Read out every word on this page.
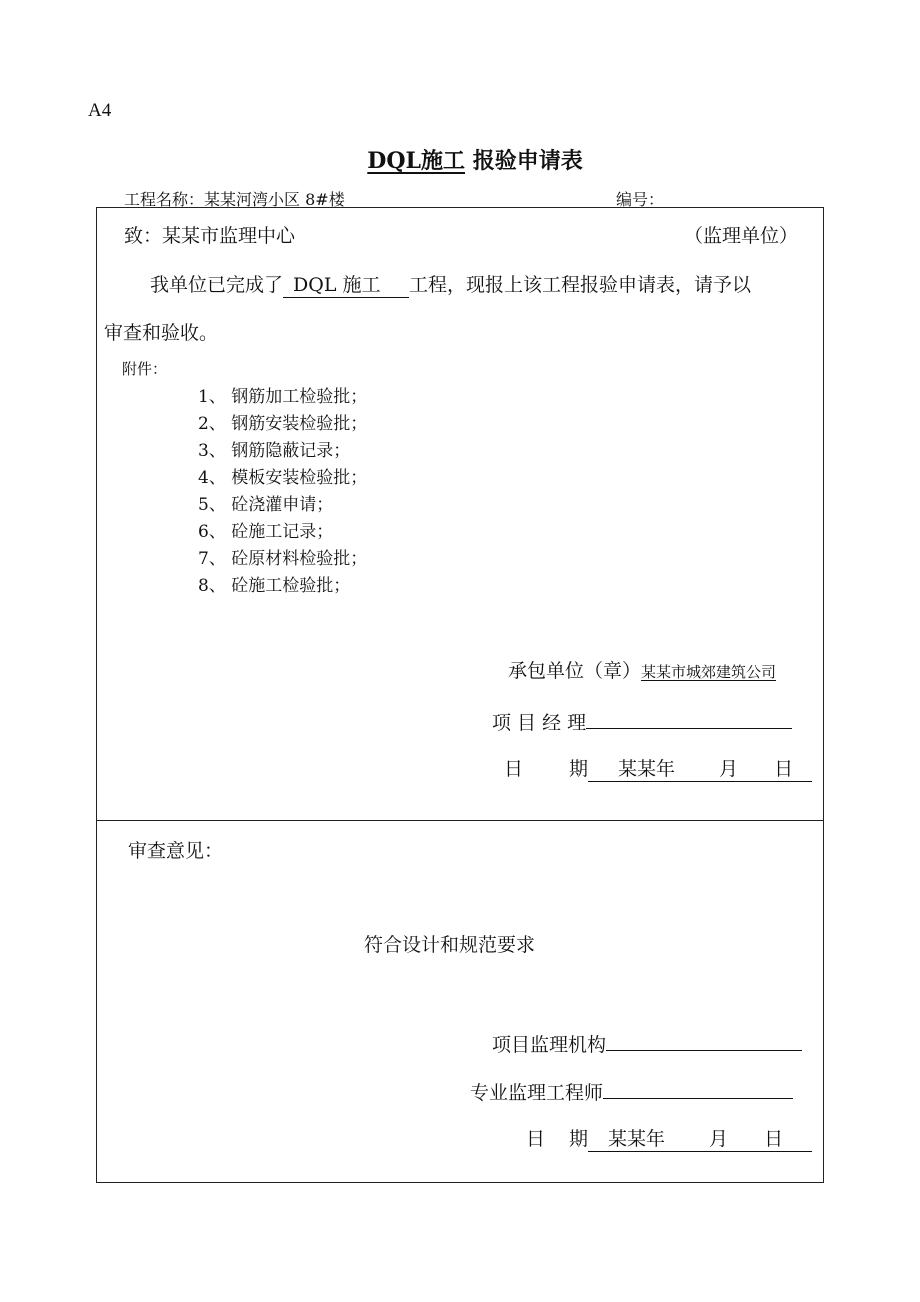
A4
DQL施工 报验申请表
工程名称：某某河湾小区 8#楼	编号：
致：某某市监理中心	（监理单位）
我单位已完成了 DQL 施工 工程，现报上该工程报验申请表，请予以
审查和验收。
附件：
1、 钢筋加工检验批；
2、 钢筋安装检验批；
3、 钢筋隐蔽记录；
4、 模板安装检验批；
5、 砼浇灌申请；
6、 砼施工记录；
7、 砼原材料检验批；
8、 砼施工检验批；
承包单位（章）某某市城郊建筑公司
项 目 经 理
日 期 某某年 月 日
审查意见：
符合设计和规范要求
项目监理机构
专业监理工程师
日 期 某某年 月 日
